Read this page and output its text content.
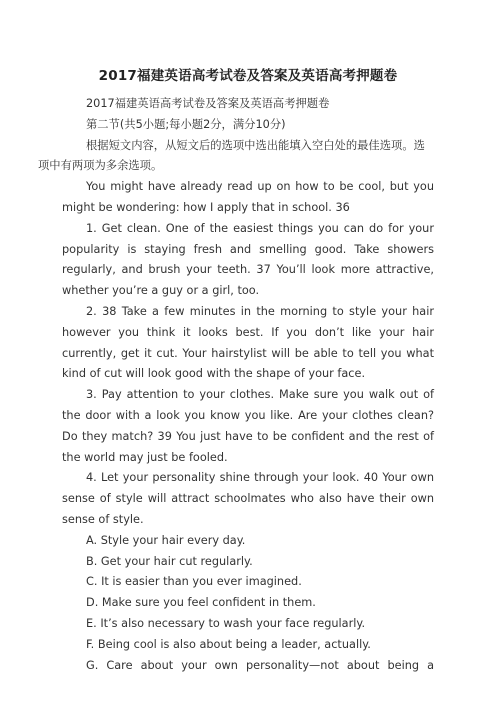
2017福建英语高考试卷及答案及英语高考押题卷

2017福建英语高考试卷及答案及英语高考押题卷

第二节(共5小题;每小题2分，满分10分)

根据短文内容，从短文后的选项中选出能填入空白处的最佳选项。选项中有两项为多余选项。

You might have already read up on how to be cool, but you might be wondering: how I apply that in school. 36

1. Get clean. One of the easiest things you can do for your popularity is staying fresh and smelling good. Take showers regularly, and brush your teeth. 37 You’ll look more attractive, whether you’re a guy or a girl, too.

2. 38 Take a few minutes in the morning to style your hair however you think it looks best. If you don’t like your hair currently, get it cut. Your hairstylist will be able to tell you what kind of cut will look good with the shape of your face.

3. Pay attention to your clothes. Make sure you walk out of the door with a look you know you like. Are your clothes clean? Do they match? 39 You just have to be confident and the rest of the world may just be fooled.

4. Let your personality shine through your look. 40 Your own sense of style will attract schoolmates who also have their own sense of style.

A. Style your hair every day.

B. Get your hair cut regularly.

C. It is easier than you ever imagined.

D. Make sure you feel confident in them.

E. It’s also necessary to wash your face regularly.

F. Being cool is also about being a leader, actually.

G. Care about your own personality—not about being a
